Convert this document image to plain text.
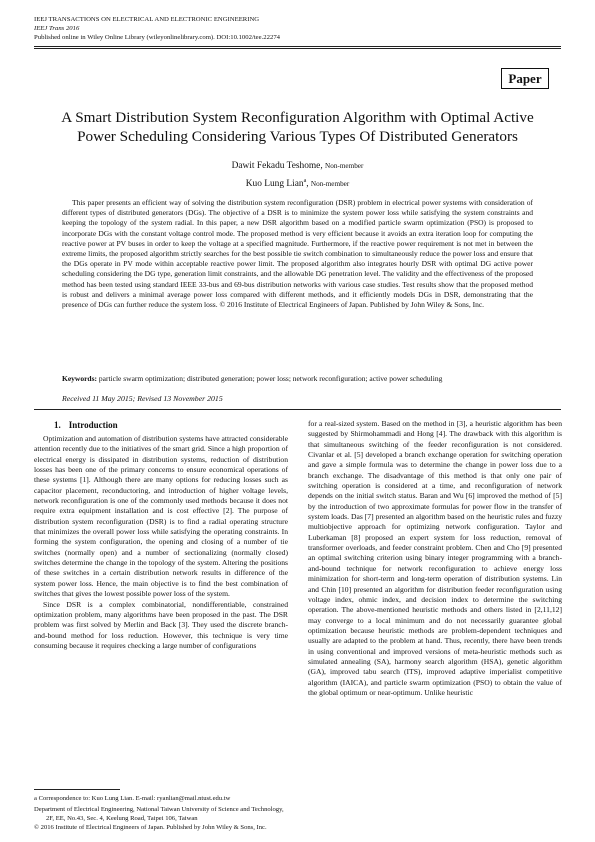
IEEJ TRANSACTIONS ON ELECTRICAL AND ELECTRONIC ENGINEERING
IEEJ Trans 2016
Published online in Wiley Online Library (wileyonlinelibrary.com). DOI:10.1002/tee.22274
Paper
A Smart Distribution System Reconfiguration Algorithm with Optimal Active
Power Scheduling Considering Various Types Of Distributed Generators
Dawit Fekadu Teshome, Non-member
Kuo Lung Lian$^a$, Non-member
This paper presents an efficient way of solving the distribution system reconfiguration (DSR) problem in electrical power systems with consideration of different types of distributed generators (DGs). The objective of a DSR is to minimize the system power loss while satisfying the system constraints and keeping the topology of the system radial. In this paper, a new DSR algorithm based on a modified particle swarm optimization (PSO) is proposed to incorporate DGs with the constant voltage control mode. The proposed method is very efficient because it avoids an extra iteration loop for computing the reactive power at PV buses in order to keep the voltage at a specified magnitude. Furthermore, if the reactive power requirement is not met in between the extreme limits, the proposed algorithm strictly searches for the best possible tie switch combination to simultaneously reduce the power loss and ensure that the DGs operate in PV mode within acceptable reactive power limit. The proposed algorithm also integrates hourly DSR with optimal DG active power scheduling considering the DG type, generation limit constraints, and the allowable DG penetration level. The validity and the effectiveness of the proposed method has been tested using standard IEEE 33-bus and 69-bus distribution networks with various case studies. Test results show that the proposed method is robust and delivers a minimal average power loss compared with different methods, and it efficiently models DGs in DSR, demonstrating that the presence of DGs can further reduce the system loss. © 2016 Institute of Electrical Engineers of Japan. Published by John Wiley & Sons, Inc.
Keywords: particle swarm optimization; distributed generation; power loss; network reconfiguration; active power scheduling
Received 11 May 2015; Revised 13 November 2015
1. Introduction

Optimization and automation of distribution systems have attracted considerable attention recently due to the initiatives of the smart grid. Since a high proportion of electrical energy is dissipated in distribution systems, reduction of distribution losses has been one of the primary concerns to ensure economical operations of these systems [1]. Although there are many options for reducing losses such as capacitor placement, reconductoring, and introduction of higher voltage levels, network reconfiguration is one of the commonly used methods because it does not require extra equipment installation and is cost effective [2]. The purpose of distribution system reconfiguration (DSR) is to find a radial operating structure that minimizes the overall power loss while satisfying the operating constraints. In forming the system configuration, the opening and closing of a number of tie switches (normally open) and a number of sectionalizing (normally closed) switches determine the change in the topology of the system. Altering the positions of these switches in a certain distribution network results in difference of the system power loss. Hence, the main objective is to find the best combination of switches that gives the lowest possible power loss of the system.

Since DSR is a complex combinatorial, nondifferentiable, constrained optimization problem, many algorithms have been proposed in the past. The DSR problem was first solved by Merlin and Back [3]. They used the discrete branch-and-bound method for loss reduction. However, this technique is very time consuming because it requires checking a large number of configurations

for a real-sized system. Based on the method in [3], a heuristic algorithm has been suggested by Shirmohammadi and Hong [4]. The drawback with this algorithm is that simultaneous switching of the feeder reconfiguration is not considered. Civanlar et al. [5] developed a branch exchange operation for switching operation and gave a simple formula was to determine the change in power loss due to a branch exchange. The disadvantage of this method is that only one pair of switching operation is considered at a time, and reconfiguration of network depends on the initial switch status. Baran and Wu [6] improved the method of [5] by the introduction of two approximate formulas for power flow in the transfer of system loads. Das [7] presented an algorithm based on the heuristic rules and fuzzy multiobjective approach for optimizing network configuration. Taylor and Luberkaman [8] proposed an expert system for loss reduction, removal of transformer overloads, and feeder constraint problem. Chen and Cho [9] presented an optimal switching criterion using binary integer programming with a branch-and-bound technique for network reconfiguration to achieve energy loss minimization for short-term and long-term operation of distribution systems. Lin and Chin [10] presented an algorithm for distribution feeder reconfiguration using voltage index, ohmic index, and decision index to determine the switching operation. The above-mentioned heuristic methods and others listed in [2,11,12] may converge to a local minimum and do not necessarily guarantee global optimization because heuristic methods are problem-dependent techniques and usually are adapted to the problem at hand. Thus, recently, there have been trends in using conventional and improved versions of meta-heuristic methods such as simulated annealing (SA), harmony search algorithm (HSA), genetic algorithm (GA), improved tabu search (ITS), improved adaptive imperialist competitive algorithm (IAICA), and particle swarm optimization (PSO) to obtain the value of the global optimum or near-optimum. Unlike heuristic

a Correspondence to: Kuo Lung Lian. E-mail: ryanlian@mail.ntust.edu.tw

Department of Electrical Engineering, National Taiwan University of Science and Technology, 2F, EE, No.43, Sec. 4, Keelung Road, Taipei 106, Taiwan

© 2016 Institute of Electrical Engineers of Japan. Published by John Wiley & Sons, Inc.
